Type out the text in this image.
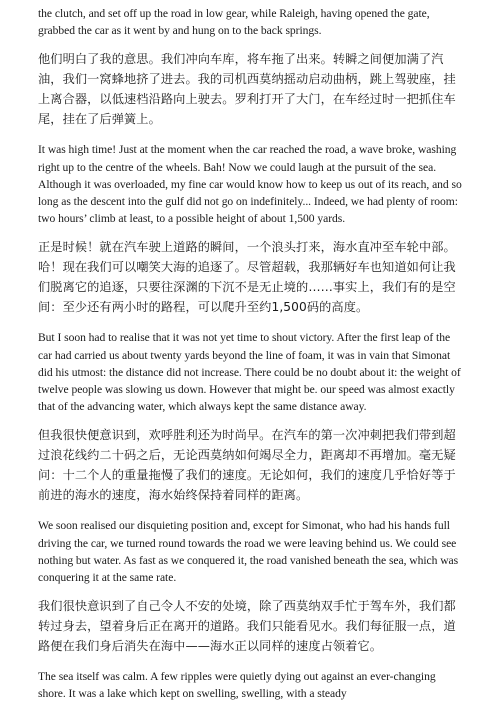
the clutch, and set off up the road in low gear, while Raleigh, having opened the gate, grabbed the car as it went by and hung on to the back springs.

他们明白了我的意思。我们冲向车库，将车拖了出来。转瞬之间便加满了汽油，我们一窝蜂地挤了进去。我的司机西莫纳摇动启动曲柄，跳上驾驶座，挂上离合器，以低速档沿路向上驶去。罗利打开了大门，在车经过时一把抓住车尾，挂在了后弹簧上。

It was high time! Just at the moment when the car reached the road, a wave broke, washing right up to the centre of the wheels. Bah! Now we could laugh at the pursuit of the sea. Although it was overloaded, my fine car would know how to keep us out of its reach, and so long as the descent into the gulf did not go on indefinitely... Indeed, we had plenty of room: two hours’ climb at least, to a possible height of about 1,500 yards.

正是时候！就在汽车驶上道路的瞬间，一个浪头打来，海水直冲至车轮中部。哈！现在我们可以嘲笑大海的追逐了。尽管超载，我那辆好车也知道如何让我们脱离它的追逐，只要往深渊的下沉不是无止境的……事实上，我们有的是空间：至少还有两小时的路程，可以爬升至约1,500码的高度。

But I soon had to realise that it was not yet time to shout victory. After the first leap of the car had carried us about twenty yards beyond the line of foam, it was in vain that Simonat did his utmost: the distance did not increase. There could be no doubt about it: the weight of twelve people was slowing us down. However that might be. our speed was almost exactly that of the advancing water, which always kept the same distance away.

但我很快便意识到，欢呼胜利还为时尚早。在汽车的第一次冲刺把我们带到超过浪花线约二十码之后，无论西莫纳如何竭尽全力，距离却不再增加。毫无疑问：十二个人的重量拖慢了我们的速度。无论如何，我们的速度几乎恰好等于前进的海水的速度，海水始终保持着同样的距离。

We soon realised our disquieting position and, except for Simonat, who had his hands full driving the car, we turned round towards the road we were leaving behind us. We could see nothing but water. As fast as we conquered it, the road vanished beneath the sea, which was conquering it at the same rate.

我们很快意识到了自己令人不安的处境，除了西莫纳双手忙于驾车外，我们都转过身去，望着身后正在离开的道路。我们只能看见水。我们每征服一点，道路便在我们身后消失在海中——海水正以同样的速度占领着它。

The sea itself was calm. A few ripples were quietly dying out against an ever-changing shore. It was a lake which kept on swelling, swelling, with a steady
